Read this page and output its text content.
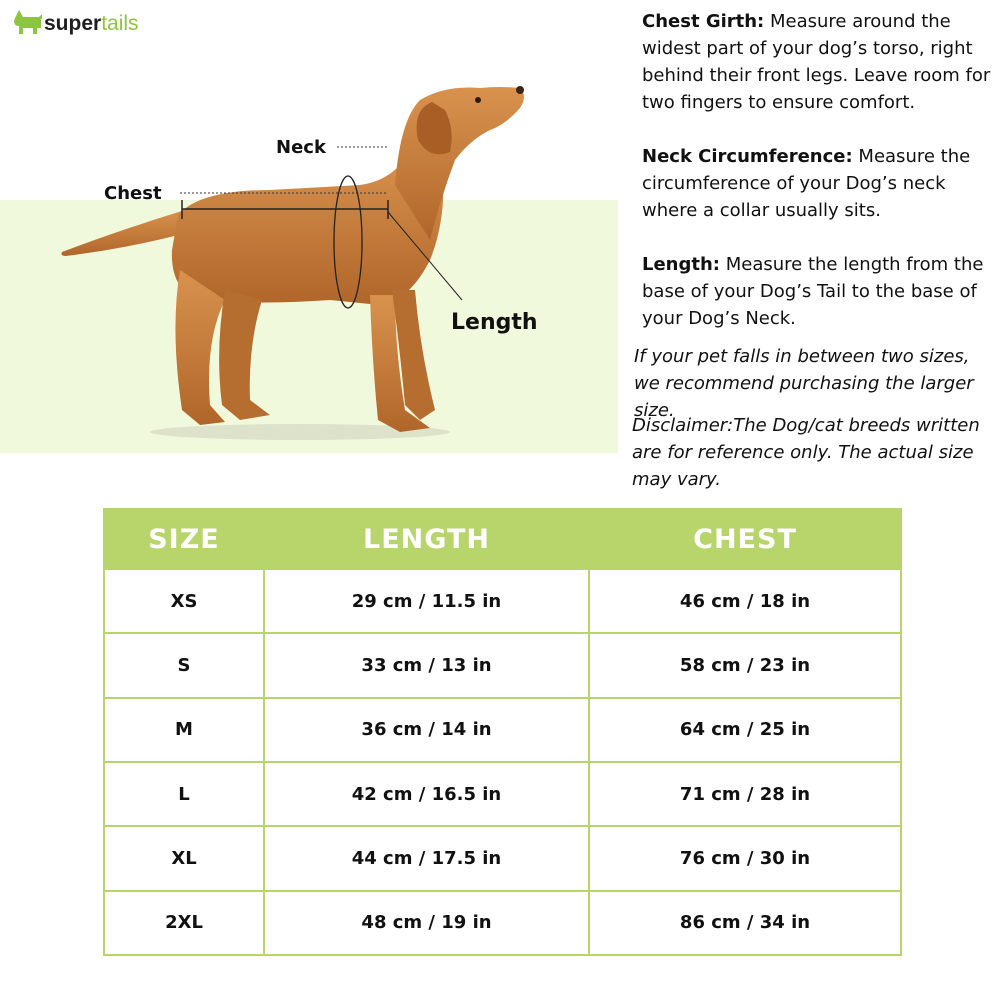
supertails
Neck
Chest
Length
Chest Girth: Measure around the widest part of your dog’s torso, right behind their front legs. Leave room for two fingers to ensure comfort.
Neck Circumference: Measure the circumference of your Dog’s neck where a collar usually sits.
Length: Measure the length from the base of your Dog’s Tail to the base of your Dog’s Neck.
If your pet falls in between two sizes, we recommend purchasing the larger size.
Disclaimer:The Dog/cat breeds written are for reference only. The actual size may vary.
SIZE	LENGTH	CHEST
XS	29 cm / 11.5 in	46 cm / 18 in
S	33 cm / 13 in	58 cm / 23 in
M	36 cm / 14 in	64 cm / 25 in
L	42 cm / 16.5 in	71 cm / 28 in
XL	44 cm / 17.5 in	76 cm / 30 in
2XL	48 cm / 19 in	86 cm / 34 in
